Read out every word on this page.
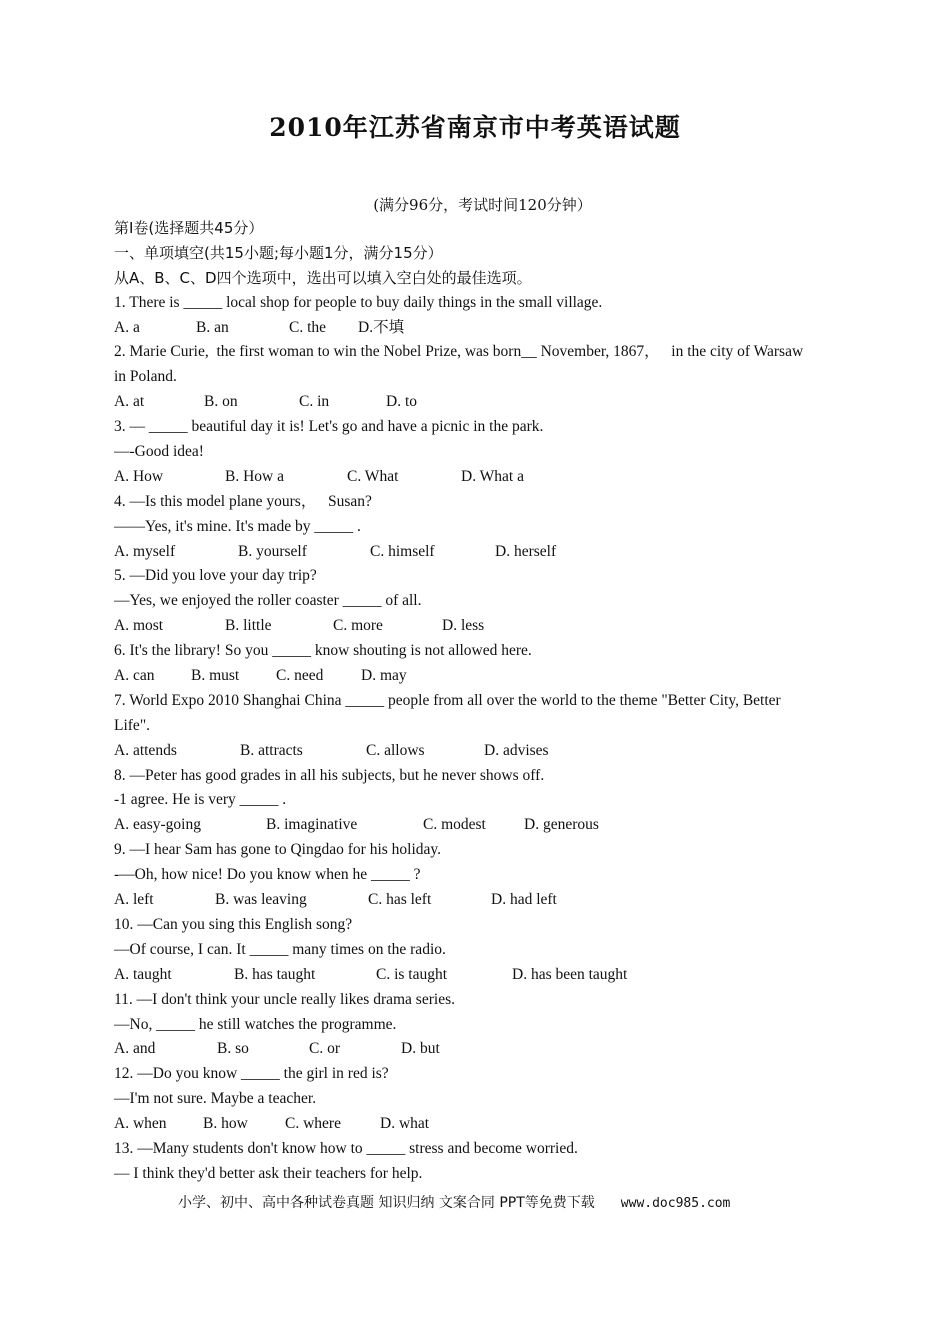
2010年江苏省南京市中考英语试题
(满分96分，考试时间120分钟）
第I卷(选择题共45分）
一、单项填空(共15小题;每小题1分，满分15分）
从A、B、C、D四个选项中，选出可以填入空白处的最佳选项。
1. There is _____ local shop for people to buy daily things in the small village.
A. a	B. an	C. the D.不填
2. Marie Curie,  the first woman to win the Nobel Prize, was born__ November, 1867，   in the city of Warsaw
in Poland.
A. at	B. on	C. in	D. to
3. — _____ beautiful day it is! Let's go and have a picnic in the park.
—-Good idea!
A. How	B. How a	C. What	D. What a
4. —Is this model plane yours，   Susan?
——Yes, it's mine. It's made by _____ .
A. myself	B. yourself	C. himself	D. herself
5. —Did you love your day trip?
—Yes, we enjoyed the roller coaster _____ of all.
A. most	B. little	C. more	D. less
6. It's the library! So you _____ know shouting is not allowed here.
A. can B. must C. need D. may
7. World Expo 2010 Shanghai China _____ people from all over the world to the theme "Better City, Better
Life".
A. attends	B. attracts	C. allows	D. advises
8. —Peter has good grades in all his subjects, but he never shows off.
-1 agree. He is very _____ .
A. easy-going	B. imaginative	C. modest D. generous
9. —I hear Sam has gone to Qingdao for his holiday.
-—Oh, how nice! Do you know when he _____ ?
A. left	B. was leaving	C. has left	D. had left
10. —Can you sing this English song?
—Of course, I can. It _____ many times on the radio.
A. taught	B. has taught	C. is taught	D. has been taught
11. —I don't think your uncle really likes drama series.
—No, _____ he still watches the programme.
A. and	B. so	C. or	D. but
12. —Do you know _____ the girl in red is?
—I'm not sure. Maybe a teacher.
A. when B. how C. where	D. what
13. —Many students don't know how to _____ stress and become worried.
— I think they'd better ask their teachers for help.
小学、初中、高中各种试卷真题 知识归纳 文案合同 PPT等免费下载 www.doc985.com
